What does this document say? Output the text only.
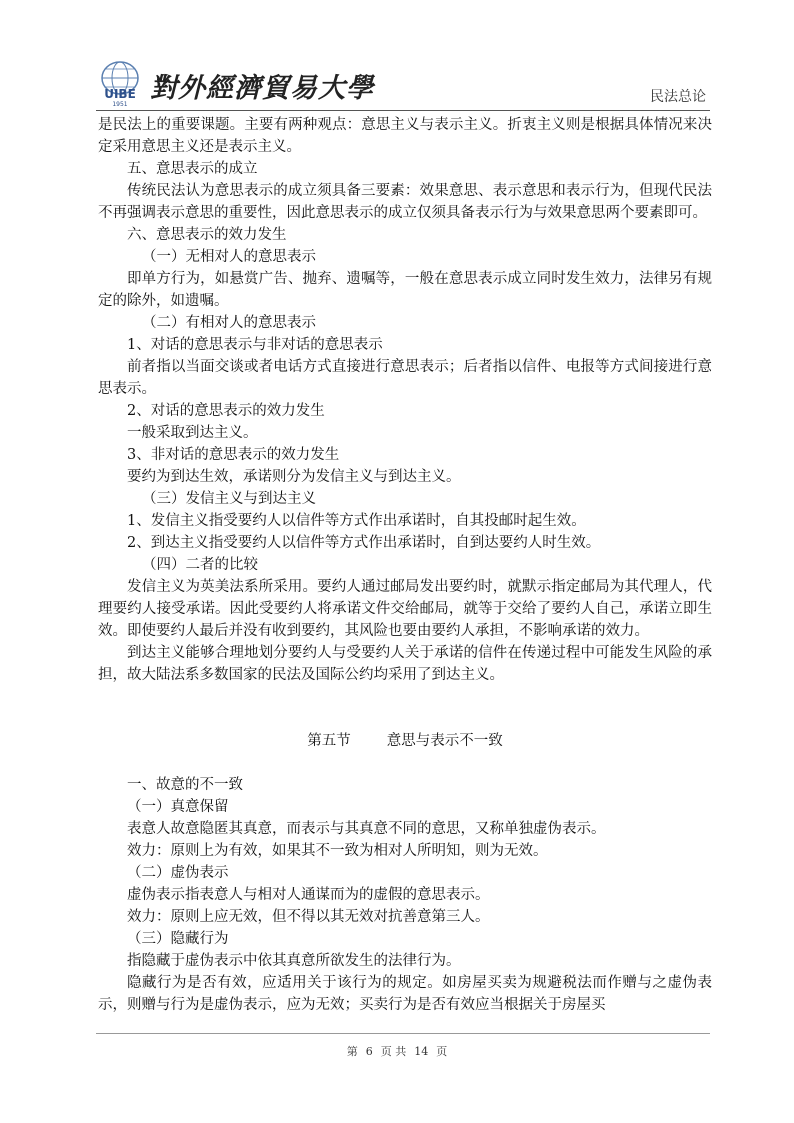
UIBE
1951
對外經濟貿易大學	民法总论

是民法上的重要课题。主要有两种观点：意思主义与表示主义。折衷主义则是根据具体情况来决定采用意思主义还是表示主义。

五、意思表示的成立

传统民法认为意思表示的成立须具备三要素：效果意思、表示意思和表示行为，但现代民法不再强调表示意思的重要性，因此意思表示的成立仅须具备表示行为与效果意思两个要素即可。

六、意思表示的效力发生

（一）无相对人的意思表示

即单方行为，如悬赏广告、抛弃、遗嘱等，一般在意思表示成立同时发生效力，法律另有规定的除外，如遗嘱。

（二）有相对人的意思表示

1、对话的意思表示与非对话的意思表示

前者指以当面交谈或者电话方式直接进行意思表示；后者指以信件、电报等方式间接进行意思表示。

2、对话的意思表示的效力发生

一般采取到达主义。

3、非对话的意思表示的效力发生

要约为到达生效，承诺则分为发信主义与到达主义。

（三）发信主义与到达主义

1、发信主义指受要约人以信件等方式作出承诺时，自其投邮时起生效。

2、到达主义指受要约人以信件等方式作出承诺时，自到达要约人时生效。

（四）二者的比较

发信主义为英美法系所采用。要约人通过邮局发出要约时，就默示指定邮局为其代理人，代理要约人接受承诺。因此受要约人将承诺文件交给邮局，就等于交给了要约人自己，承诺立即生效。即使要约人最后并没有收到要约，其风险也要由要约人承担，不影响承诺的效力。

到达主义能够合理地划分要约人与受要约人关于承诺的信件在传递过程中可能发生风险的承担，故大陆法系多数国家的民法及国际公约均采用了到达主义。

第五节 意思与表示不一致

一、故意的不一致

（一）真意保留

表意人故意隐匿其真意，而表示与其真意不同的意思，又称单独虚伪表示。

效力：原则上为有效，如果其不一致为相对人所明知，则为无效。

（二）虚伪表示

虚伪表示指表意人与相对人通谋而为的虚假的意思表示。

效力：原则上应无效，但不得以其无效对抗善意第三人。

（三）隐藏行为

指隐藏于虚伪表示中依其真意所欲发生的法律行为。

隐藏行为是否有效，应适用关于该行为的规定。如房屋买卖为规避税法而作赠与之虚伪表示，则赠与行为是虚伪表示，应为无效；买卖行为是否有效应当根据关于房屋买

第 6 页 共 14 页
